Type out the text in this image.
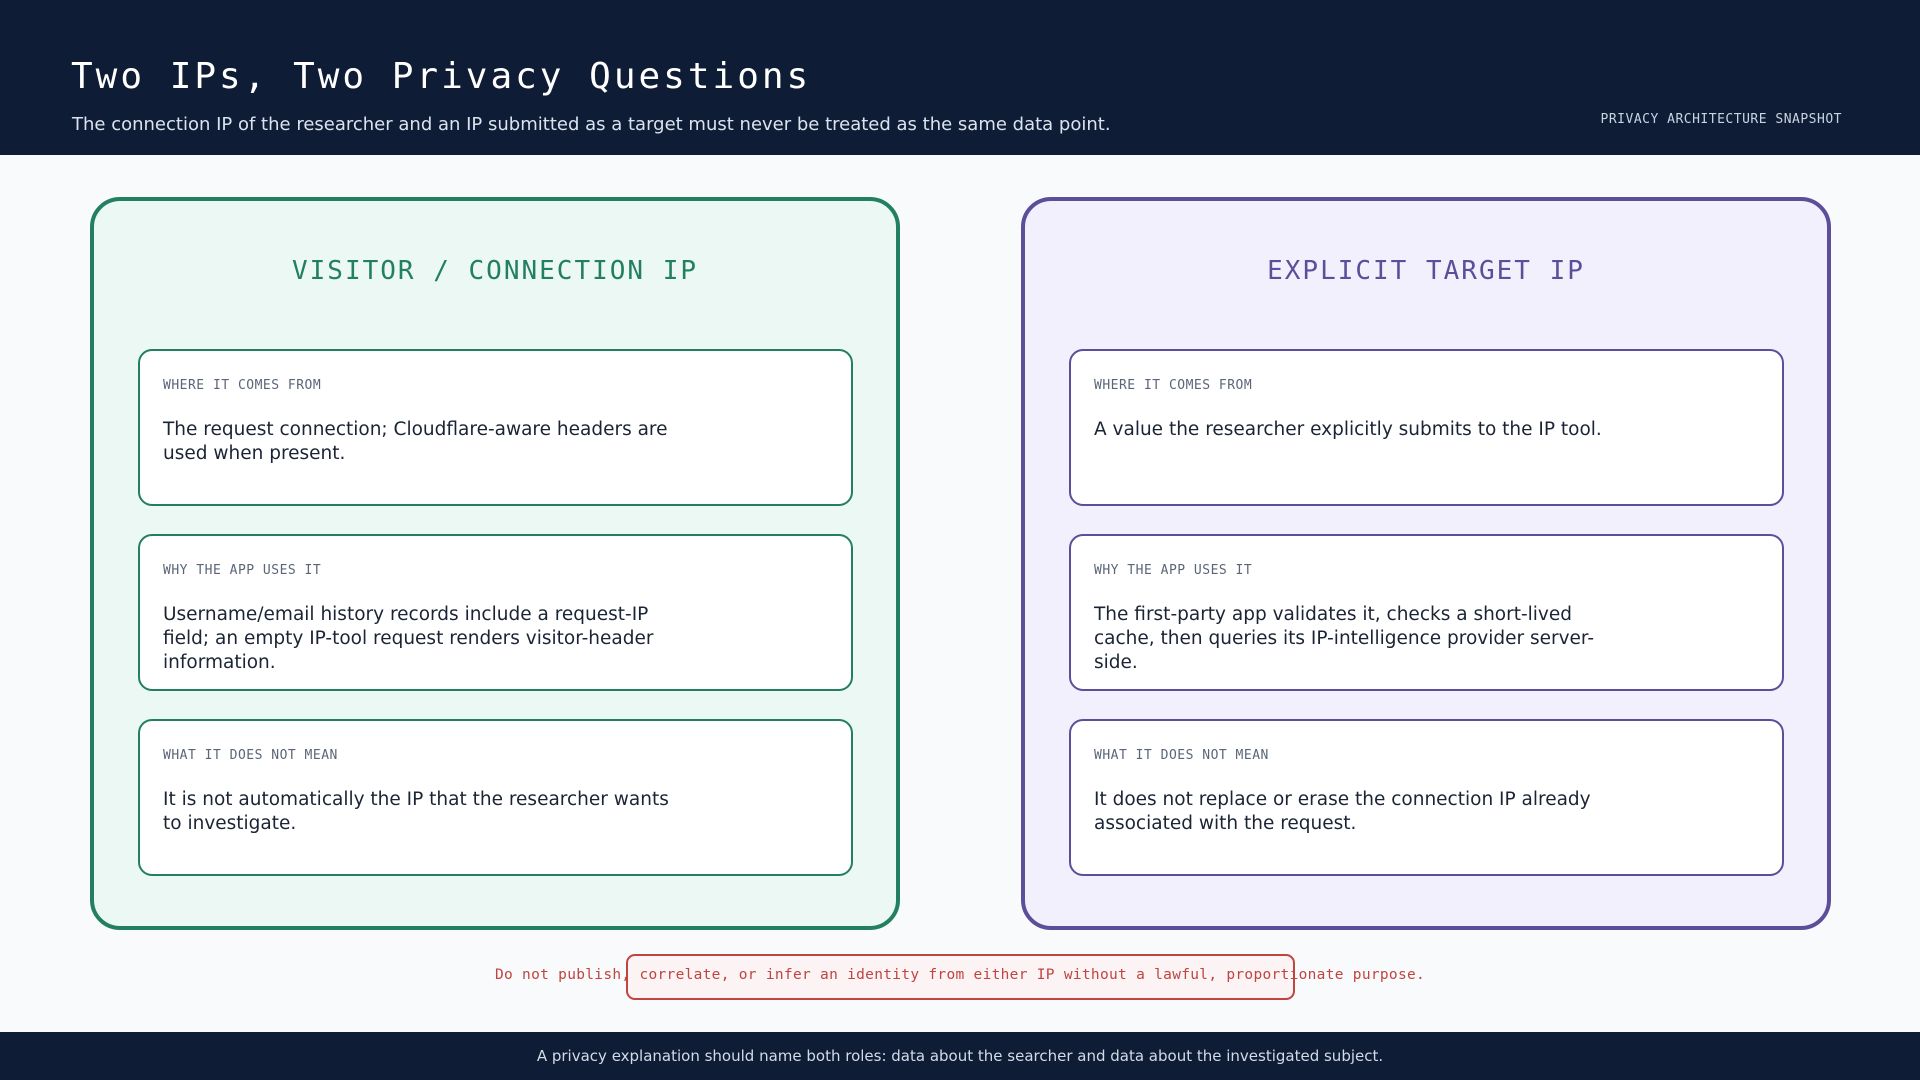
Two IPs, Two Privacy Questions
The connection IP of the researcher and an IP submitted as a target must never be treated as the same data point.	PRIVACY ARCHITECTURE SNAPSHOT
VISITOR / CONNECTION IP
WHERE IT COMES FROM
The request connection; Cloudflare-aware headers are used when present.
WHY THE APP USES IT
Username/email history records include a request-IP field; an empty IP-tool request renders visitor-header information.
WHAT IT DOES NOT MEAN
It is not automatically the IP that the researcher wants to investigate.
EXPLICIT TARGET IP
WHERE IT COMES FROM
A value the researcher explicitly submits to the IP tool.
WHY THE APP USES IT
The first-party app validates it, checks a short-lived cache, then queries its IP-intelligence provider server-side.
WHAT IT DOES NOT MEAN
It does not replace or erase the connection IP already associated with the request.
Do not publish, correlate, or infer an identity from either IP without a lawful, proportionate purpose.
A privacy explanation should name both roles: data about the searcher and data about the investigated subject.
